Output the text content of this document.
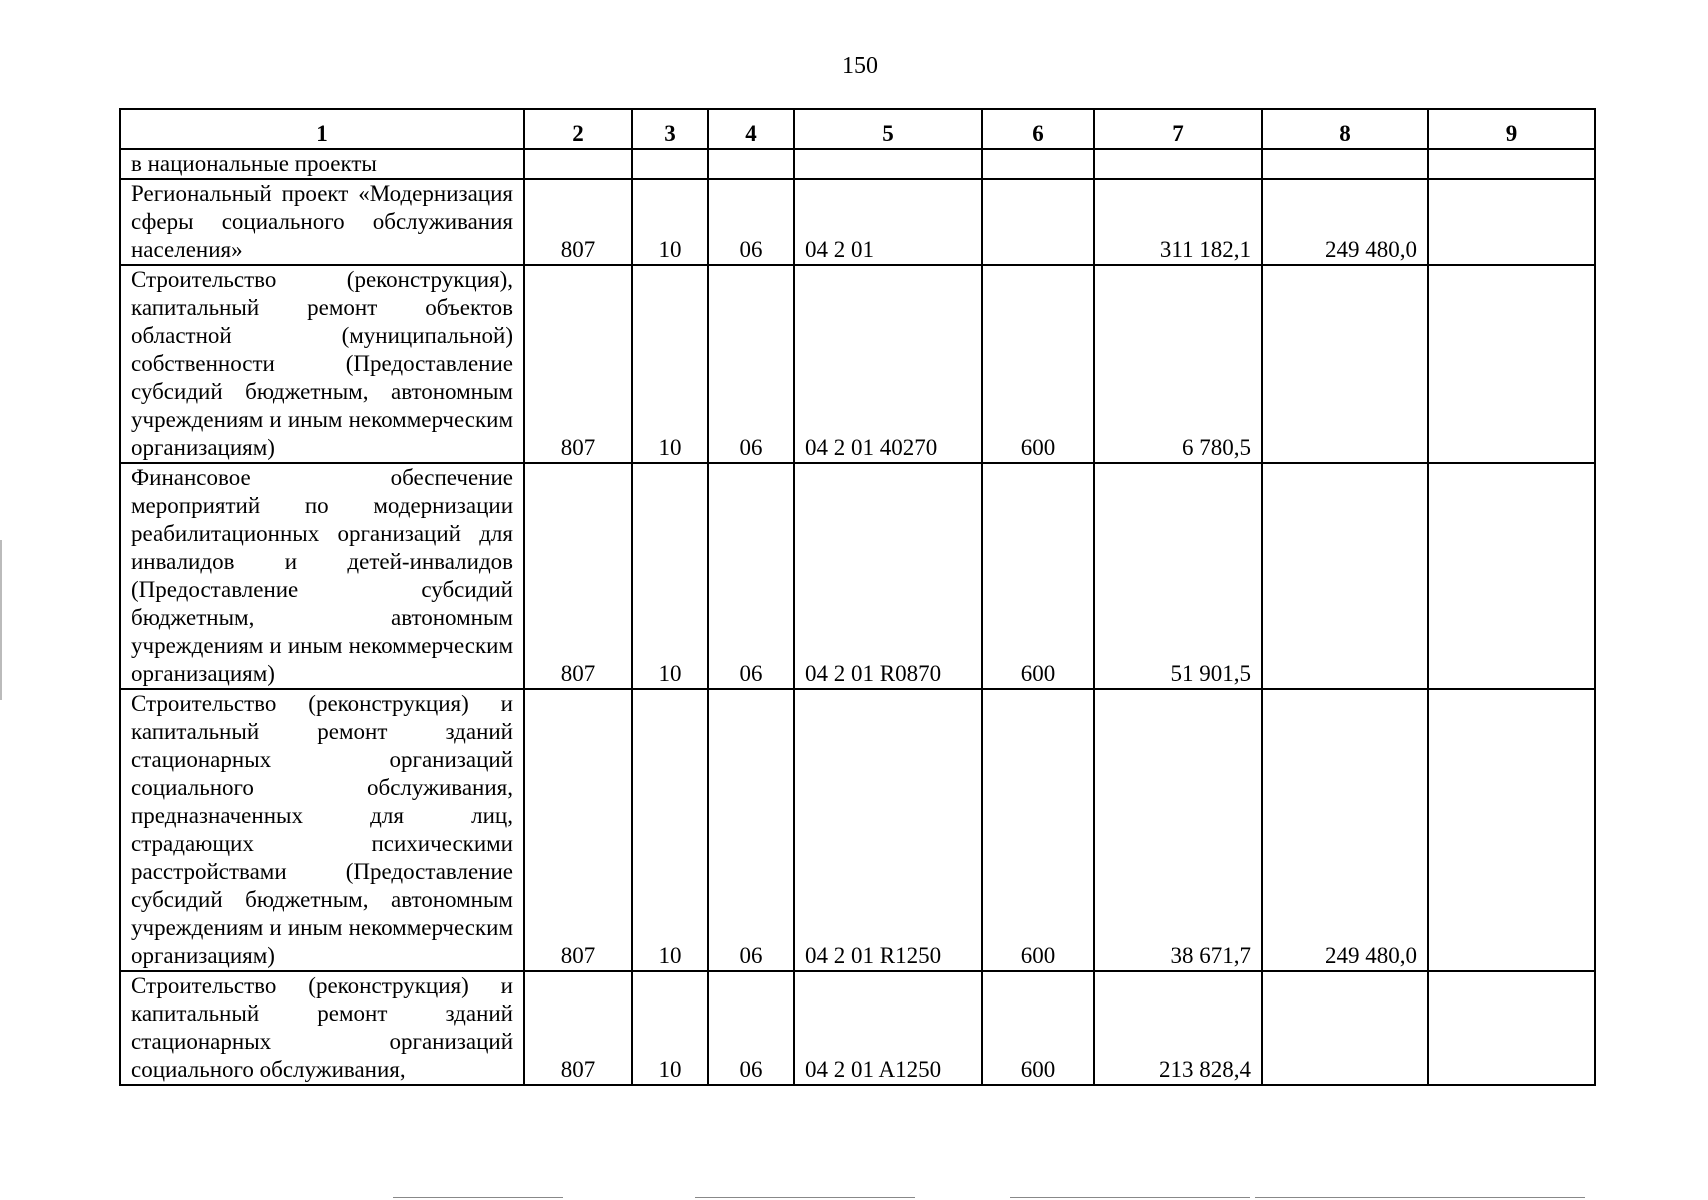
150
1	2	3	4	5	6	7	8	9
в национальные проекты								
Региональный проект «Модернизация сферы социального обслуживания населения»	807	10	06	04 2 01		311 182,1	249 480,0	
Строительство (реконструкция), капитальный ремонт объектов областной (муниципальной) собственности (Предоставление субсидий бюджетным, автономным учреждениям и иным некоммерческим организациям)	807	10	06	04 2 01 40270	600	6 780,5		
Финансовое обеспечение мероприятий по модернизации реабилитационных организаций для инвалидов и детей-инвалидов (Предоставление субсидий бюджетным, автономным учреждениям и иным некоммерческим организациям)	807	10	06	04 2 01 R0870	600	51 901,5		
Строительство (реконструкция) и капитальный ремонт зданий стационарных организаций социального обслуживания, предназначенных для лиц, страдающих психическими расстройствами (Предоставление субсидий бюджетным, автономным учреждениям и иным некоммерческим организациям)	807	10	06	04 2 01 R1250	600	38 671,7	249 480,0	
Строительство (реконструкция) и капитальный ремонт зданий стационарных организаций социального обслуживания,	807	10	06	04 2 01 A1250	600	213 828,4		
